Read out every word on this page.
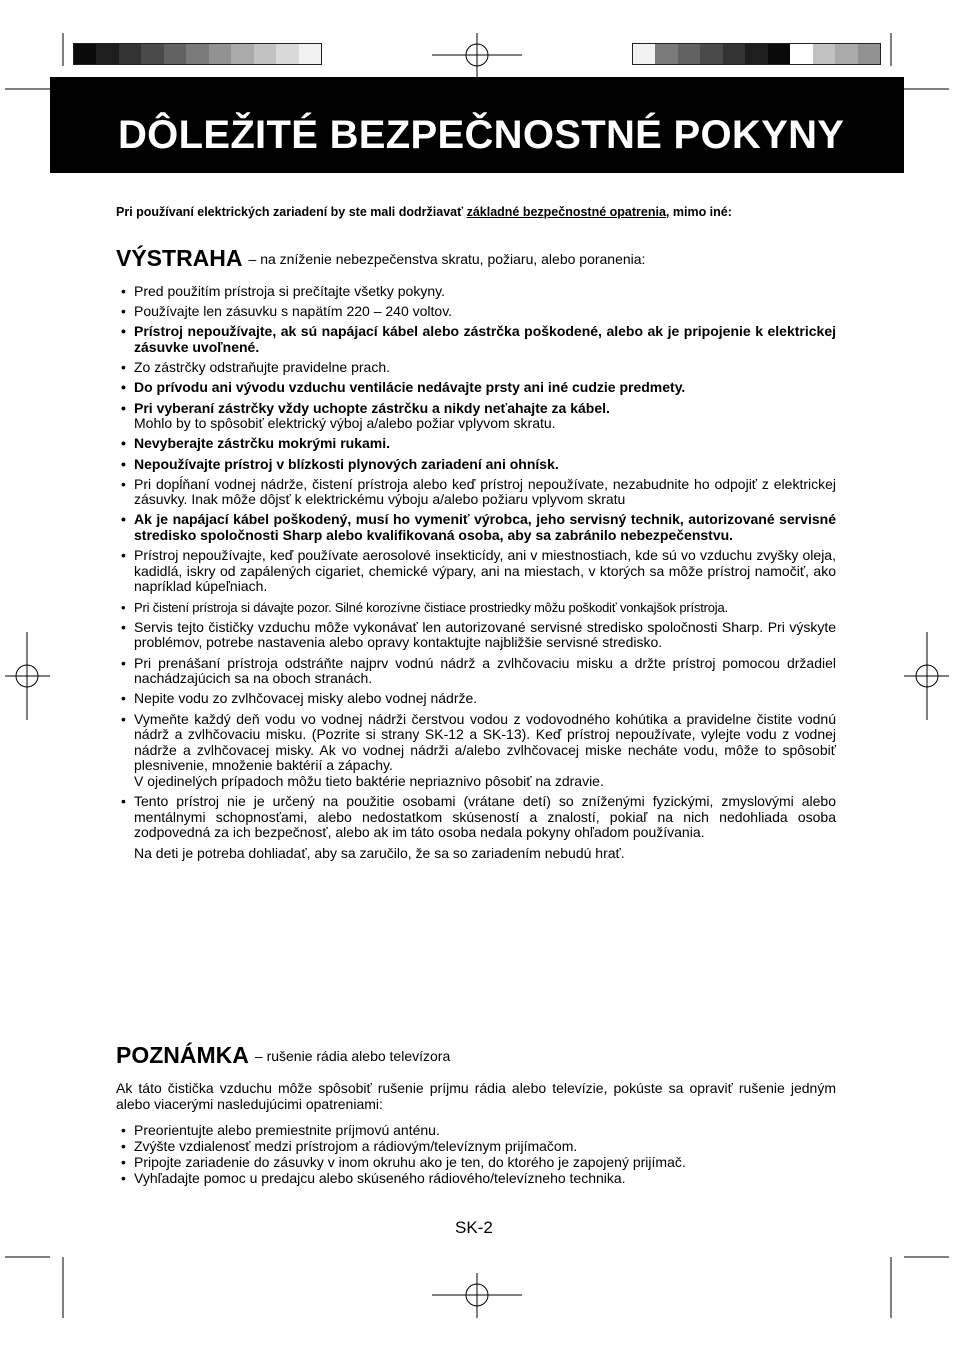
DÔLEŽITÉ BEZPEČNOSTNÉ POKYNY
Pri používaní elektrických zariadení by ste mali dodržiavať základné bezpečnostné opatrenia, mimo iné:
VÝSTRAHA – na zníženie nebezpečenstva skratu, požiaru, alebo poranenia:
• Pred použitím prístroja si prečítajte všetky pokyny.
• Používajte len zásuvku s napätím 220 – 240 voltov.
• Prístroj nepoužívajte, ak sú napájací kábel alebo zástrčka poškodené, alebo ak je pripojenie k elektrickej zásuvke uvoľnené.
• Zo zástrčky odstraňujte pravidelne prach.
• Do prívodu ani vývodu vzduchu ventilácie nedávajte prsty ani iné cudzie predmety.
• Pri vyberaní zástrčky vždy uchopte zástrčku a nikdy neťahajte za kábel.
Mohlo by to spôsobiť elektrický výboj a/alebo požiar vplyvom skratu.
• Nevyberajte zástrčku mokrými rukami.
• Nepoužívajte prístroj v blízkosti plynových zariadení ani ohnísk.
• Pri dopĺňaní vodnej nádrže, čistení prístroja alebo keď prístroj nepoužívate, nezabudnite ho odpojiť z elektrickej zásuvky. Inak môže dôjsť k elektrickému výboju a/alebo požiaru vplyvom skratu
• Ak je napájací kábel poškodený, musí ho vymeniť výrobca, jeho servisný technik, autorizované servisné stredisko spoločnosti Sharp alebo kvalifikovaná osoba, aby sa zabránilo nebezpečenstvu.
• Prístroj nepoužívajte, keď používate aerosolové insekticídy, ani v miestnostiach, kde sú vo vzduchu zvyšky oleja, kadidlá, iskry od zapálených cigariet, chemické výpary, ani na miestach, v ktorých sa môže prístroj namočiť, ako napríklad kúpeľniach.
• Pri čistení prístroja si dávajte pozor. Silné korozívne čistiace prostriedky môžu poškodiť vonkajšok prístroja.
• Servis tejto čističky vzduchu môže vykonávať len autorizované servisné stredisko spoločnosti Sharp. Pri výskyte problémov, potrebe nastavenia alebo opravy kontaktujte najbližšie servisné stredisko.
• Pri prenášaní prístroja odstráňte najprv vodnú nádrž a zvlhčovaciu misku a držte prístroj pomocou držadiel nachádzajúcich sa na oboch stranách.
• Nepite vodu zo zvlhčovacej misky alebo vodnej nádrže.
• Vymeňte každý deň vodu vo vodnej nádrži čerstvou vodou z vodovodného kohútika a pravidelne čistite vodnú nádrž a zvlhčovaciu misku. (Pozrite si strany SK-12 a SK-13). Keď prístroj nepoužívate, vylejte vodu z vodnej nádrže a zvlhčovacej misky. Ak vo vodnej nádrži a/alebo zvlhčovacej miske necháte vodu, môže to spôsobiť plesnivenie, množenie baktérií a zápachy.
V ojedinelých prípadoch môžu tieto baktérie nepriaznivo pôsobiť na zdravie.
• Tento prístroj nie je určený na použitie osobami (vrátane detí) so zníženými fyzickými, zmyslovými alebo mentálnymi schopnosťami, alebo nedostatkom skúseností a znalostí, pokiaľ na nich nedohliada osoba zodpovedná za ich bezpečnosť, alebo ak im táto osoba nedala pokyny ohľadom používania.
Na deti je potreba dohliadať, aby sa zaručilo, že sa so zariadením nebudú hrať.
POZNÁMKA – rušenie rádia alebo televízora
Ak táto čistička vzduchu môže spôsobiť rušenie príjmu rádia alebo televízie, pokúste sa opraviť rušenie jedným alebo viacerými nasledujúcimi opatreniami:
• Preorientujte alebo premiestnite príjmovú anténu.
• Zvýšte vzdialenosť medzi prístrojom a rádiovým/televíznym prijímačom.
• Pripojte zariadenie do zásuvky v inom okruhu ako je ten, do ktorého je zapojený prijímač.
• Vyhľadajte pomoc u predajcu alebo skúseného rádiového/televízneho technika.
SK-2
